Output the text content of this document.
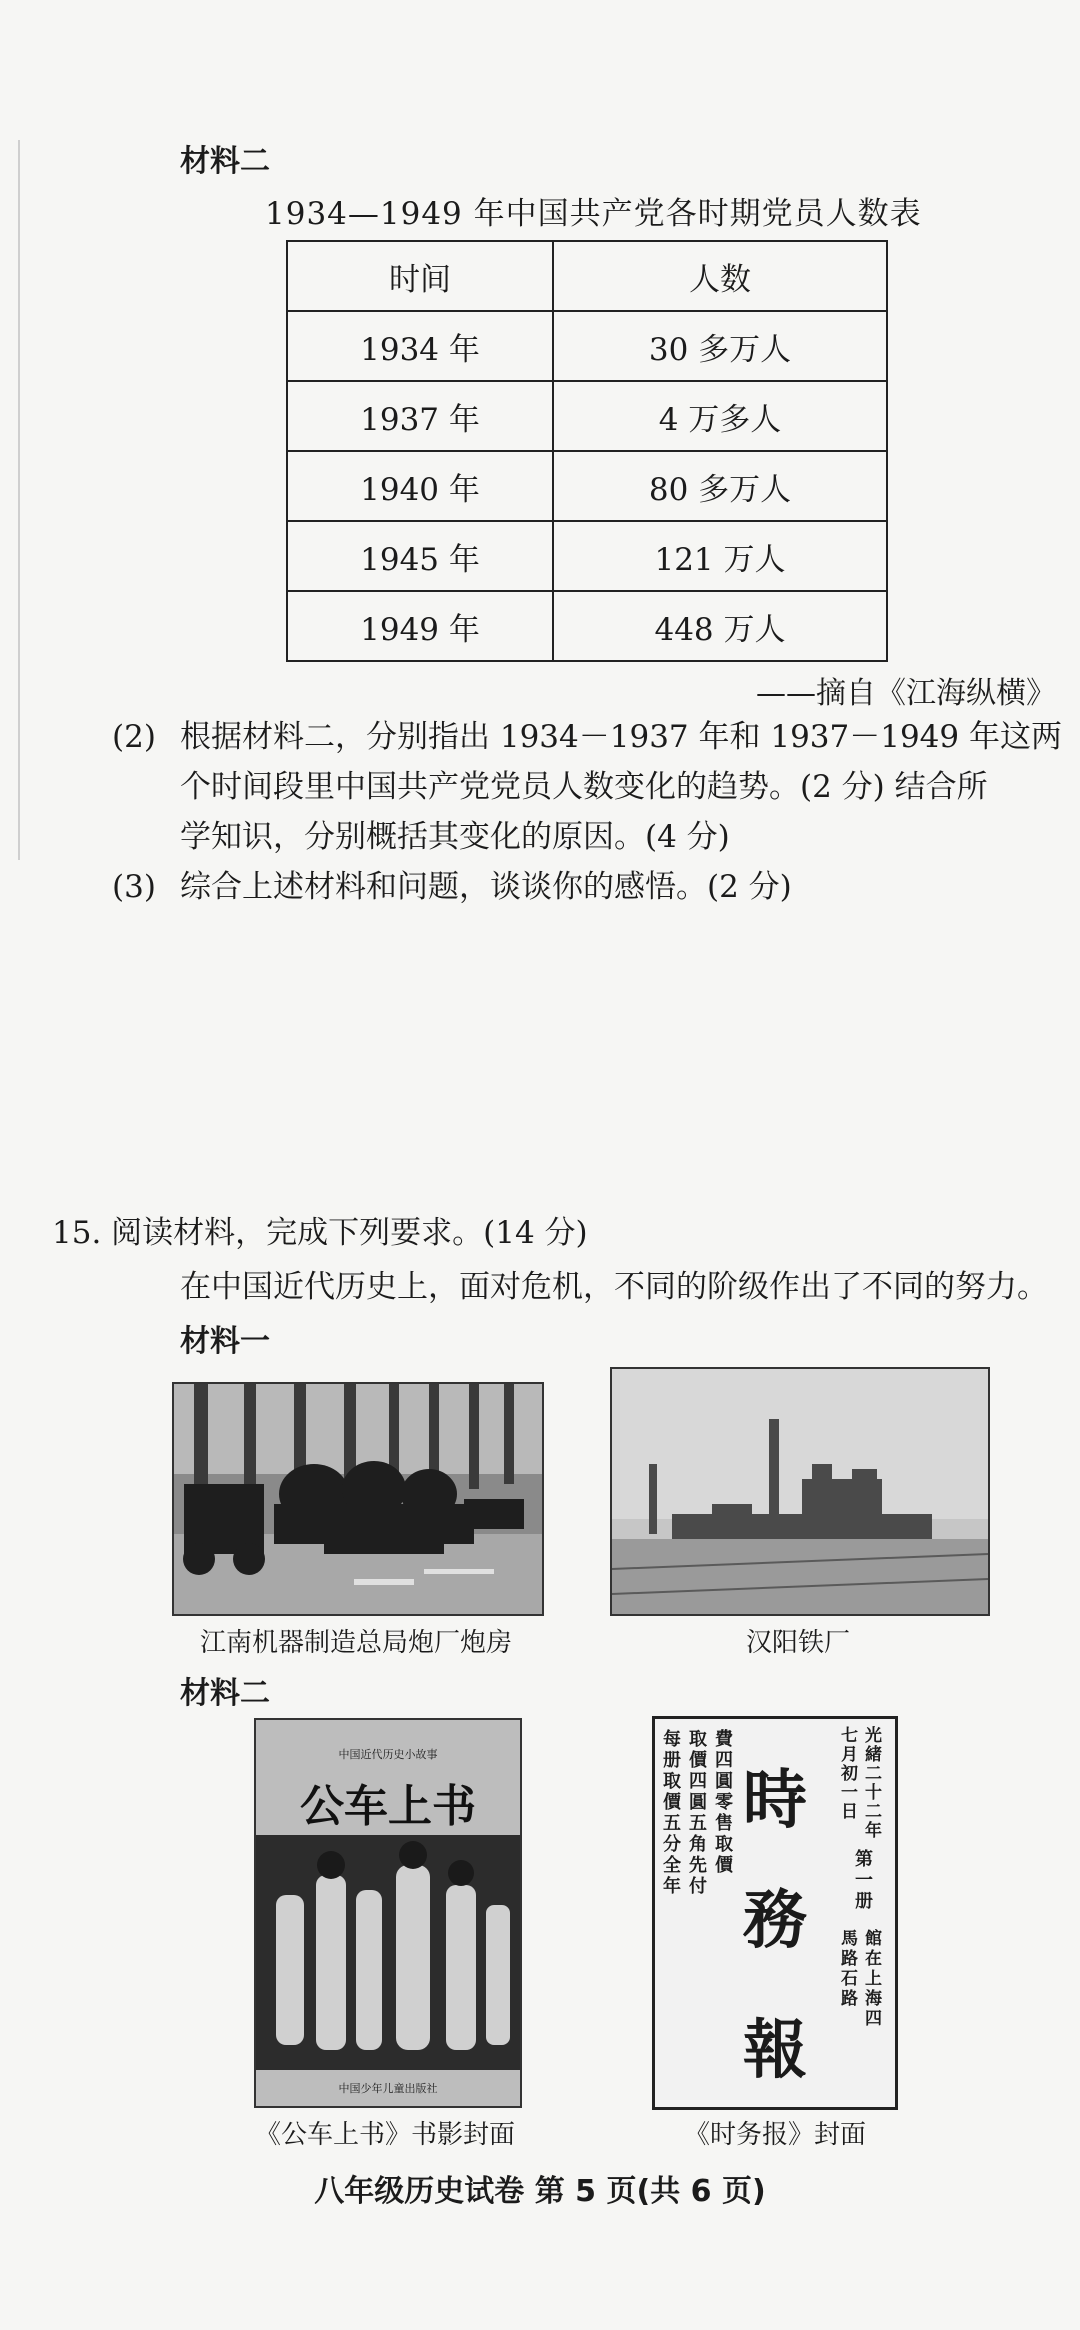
材料二
1934—1949 年中国共产党各时期党员人数表
时间	人数
1934 年	30 多万人
1937 年	4 万多人
1940 年	80 多万人
1945 年	121 万人
1949 年	448 万人
——摘自《江海纵横》
(2) 根据材料二，分别指出 1934－1937 年和 1937－1949 年这两
个时间段里中国共产党党员人数变化的趋势。(2 分) 结合所
学知识，分别概括其变化的原因。(4 分)
(3) 综合上述材料和问题，谈谈你的感悟。(2 分)
15. 阅读材料，完成下列要求。(14 分)
在中国近代历史上，面对危机，不同的阶级作出了不同的努力。
材料一
江南机器制造总局炮厂炮房	汉阳铁厂
材料二
中国近代历史小故事
公车上书
中国少年儿童出版社
《公车上书》书影封面
每册取價五分全年
取價四圓五角先付
費四圓零售取價
時
務
報
七月初一日
光緒二十二年
第一册
馬路石路
館在上海四
《时务报》封面
八年级历史试卷 第 5 页(共 6 页)
